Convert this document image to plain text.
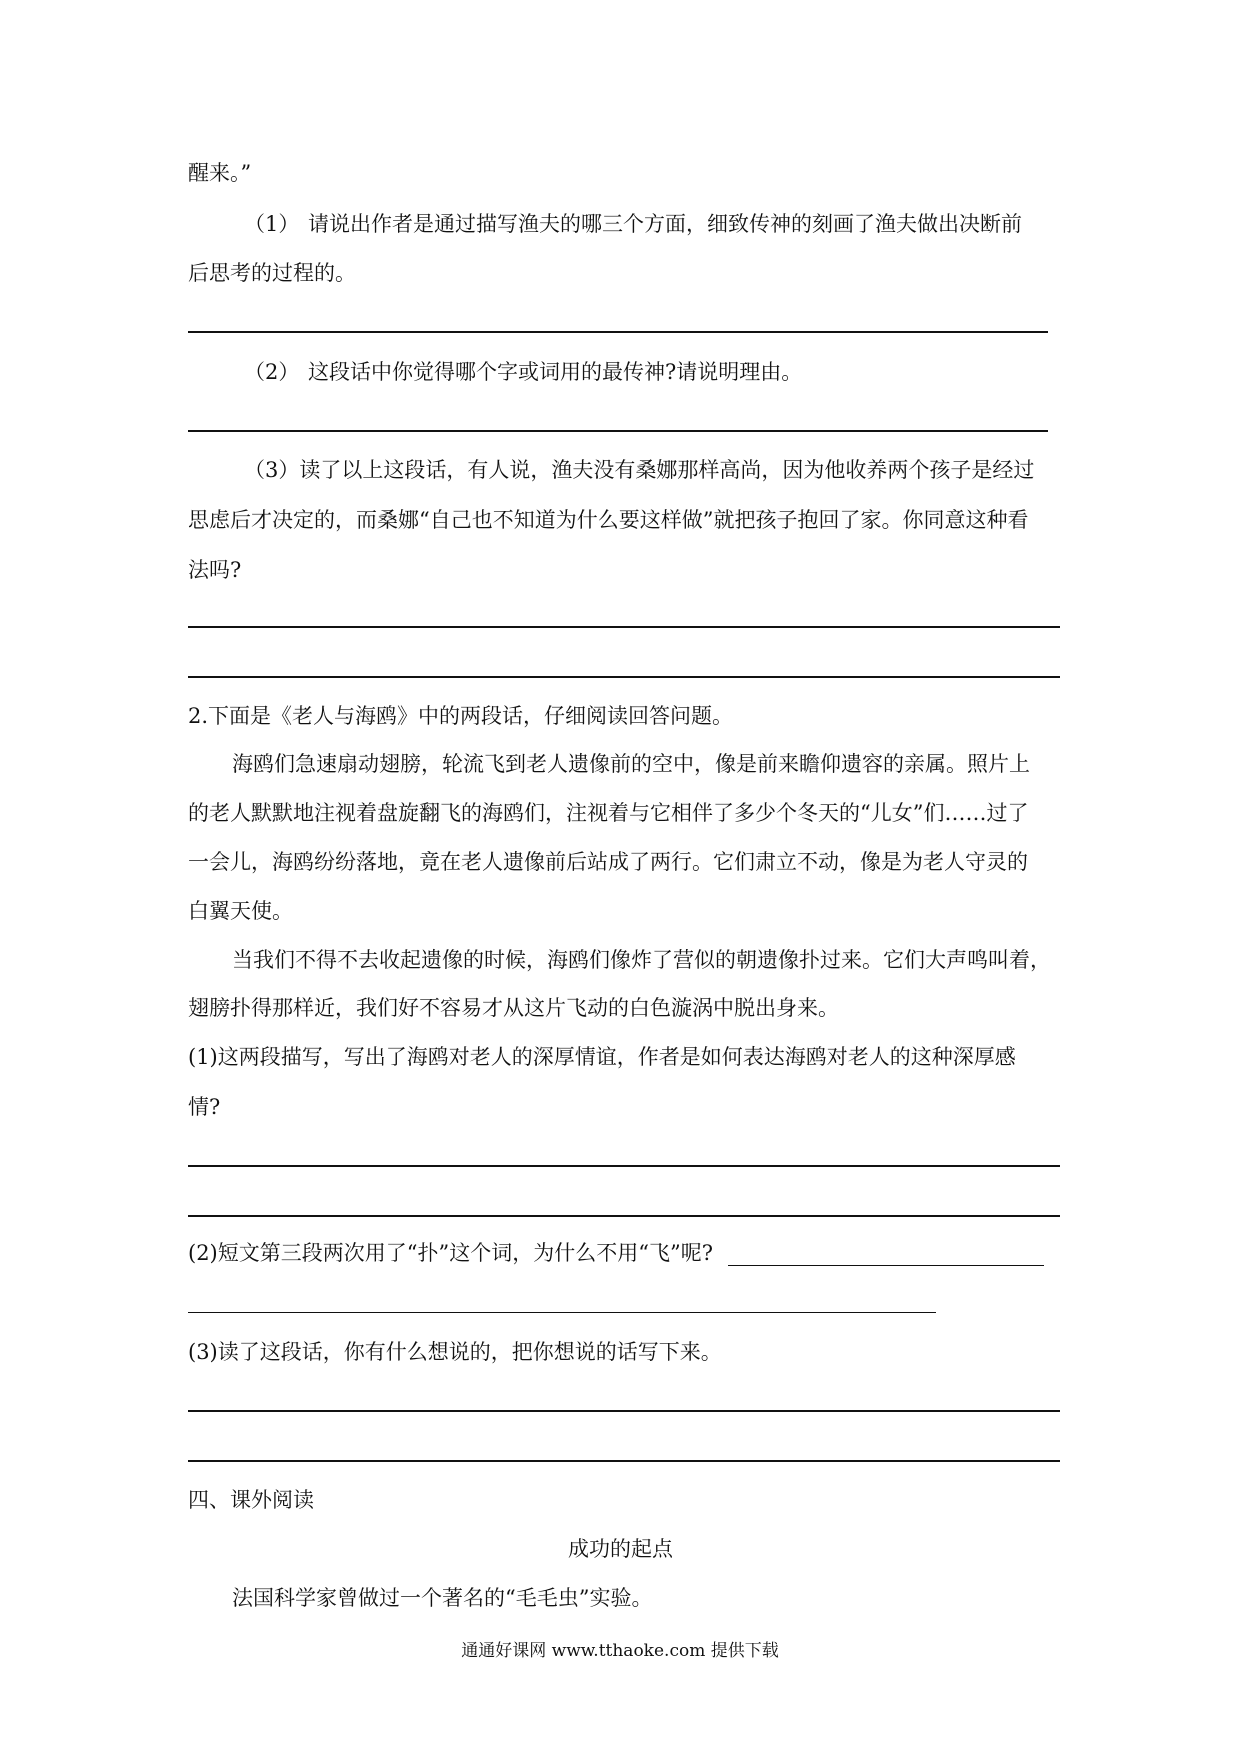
醒来。”
（1） 请说出作者是通过描写渔夫的哪三个方面，细致传神的刻画了渔夫做出决断前
后思考的过程的。
（2） 这段话中你觉得哪个字或词用的最传神?请说明理由。
（3）读了以上这段话，有人说，渔夫没有桑娜那样高尚，因为他收养两个孩子是经过
思虑后才决定的，而桑娜“自己也不知道为什么要这样做”就把孩子抱回了家。你同意这种看
法吗?
2.下面是《老人与海鸥》中的两段话，仔细阅读回答问题。
海鸥们急速扇动翅膀，轮流飞到老人遗像前的空中，像是前来瞻仰遗容的亲属。照片上
的老人默默地注视着盘旋翻飞的海鸥们，注视着与它相伴了多少个冬天的“儿女”们……过了
一会儿，海鸥纷纷落地，竟在老人遗像前后站成了两行。它们肃立不动，像是为老人守灵的
白翼天使。
当我们不得不去收起遗像的时候，海鸥们像炸了营似的朝遗像扑过来。它们大声鸣叫着，
翅膀扑得那样近，我们好不容易才从这片飞动的白色漩涡中脱出身来。
(1)这两段描写，写出了海鸥对老人的深厚情谊，作者是如何表达海鸥对老人的这种深厚感
情?
(2)短文第三段两次用了“扑”这个词，为什么不用“飞”呢?
(3)读了这段话，你有什么想说的，把你想说的话写下来。
四、课外阅读
成功的起点
法国科学家曾做过一个著名的“毛毛虫”实验。
通通好课网 www.tthaoke.com 提供下载
